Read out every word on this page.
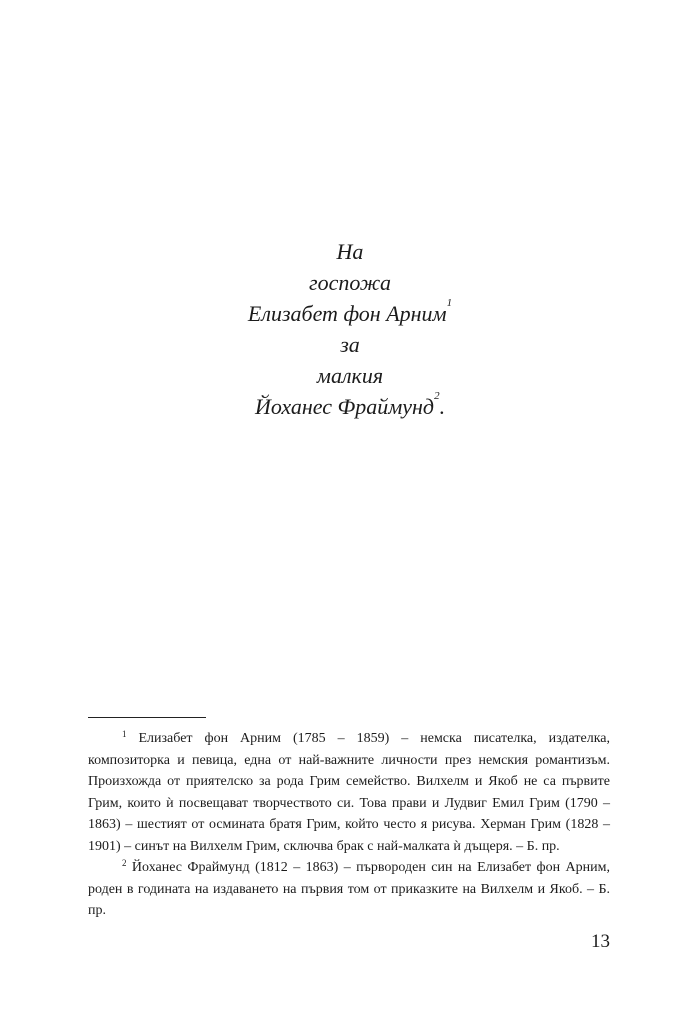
На
госпожа
Елизабет фон Арним$^1$
за
малкия
Йоханес Фраймунд$^2$.

$^1$ Елизабет фон Арним (1785 – 1859) – немска писателка, издателка, композиторка и певица, една от най-важните личности през немския романтизъм. Произхожда от приятелско за рода Грим семейство. Вилхелм и Якоб не са първите Грим, които ѝ посвещават творчеството си. Това прави и Лудвиг Емил Грим (1790 – 1863) – шестият от осмината братя Грим, който често я рисува. Херман Грим (1828 – 1901) – синът на Вилхелм Грим, сключва брак с най-малката ѝ дъщеря. – Б. пр.

$^2$ Йоханес Фраймунд (1812 – 1863) – първороден син на Елизабет фон Арним, роден в годината на издаването на първия том от приказките на Вилхелм и Якоб. – Б. пр.

13
